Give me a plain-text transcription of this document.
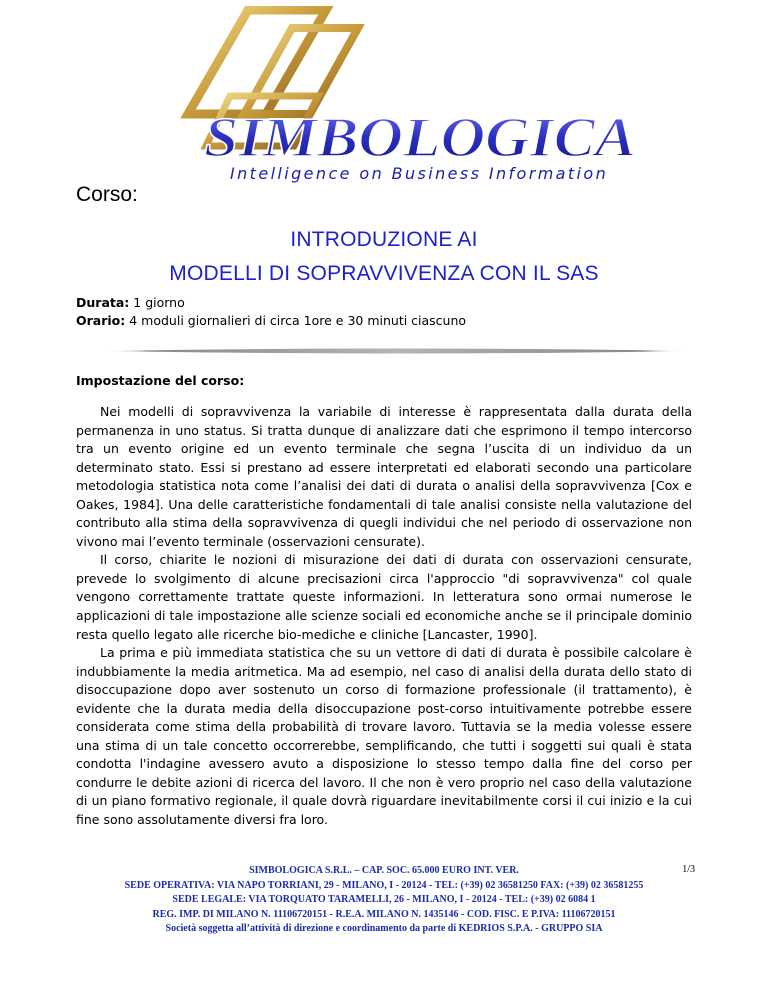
SIMBOLOGICA
Intelligence on Business Information
Corso:
INTRODUZIONE AI
MODELLI DI SOPRAVVIVENZA CON IL SAS
Durata: 1 giorno
Orario: 4 moduli giornalieri di circa 1ore e 30 minuti ciascuno
Impostazione del corso:

Nei modelli di sopravvivenza la variabile di interesse è rappresentata dalla durata della permanenza in uno status. Si tratta dunque di analizzare dati che esprimono il tempo intercorso tra un evento origine ed un evento terminale che segna l’uscita di un individuo da un determinato stato. Essi si prestano ad essere interpretati ed elaborati secondo una particolare metodologia statistica nota come l’analisi dei dati di durata o analisi della sopravvivenza [Cox e Oakes, 1984]. Una delle caratteristiche fondamentali di tale analisi consiste nella valutazione del contributo alla stima della sopravvivenza di quegli individui che nel periodo di osservazione non vivono mai l’evento terminale (osservazioni censurate).

Il corso, chiarite le nozioni di misurazione dei dati di durata con osservazioni censurate, prevede lo svolgimento di alcune precisazioni circa l'approccio "di sopravvivenza" col quale vengono correttamente trattate queste informazioni. In letteratura sono ormai numerose le applicazioni di tale impostazione alle scienze sociali ed economiche anche se il principale dominio resta quello legato alle ricerche bio-mediche e cliniche [Lancaster, 1990].

La prima e più immediata statistica che su un vettore di dati di durata è possibile calcolare è indubbiamente la media aritmetica. Ma ad esempio, nel caso di analisi della durata dello stato di disoccupazione dopo aver sostenuto un corso di formazione professionale (il trattamento), è evidente che la durata media della disoccupazione post-corso intuitivamente potrebbe essere considerata come stima della probabilità di trovare lavoro. Tuttavia se la media volesse essere una stima di un tale concetto occorrerebbe, semplificando, che tutti i soggetti sui quali è stata condotta l'indagine avessero avuto a disposizione lo stesso tempo dalla fine del corso per condurre le debite azioni di ricerca del lavoro. Il che non è vero proprio nel caso della valutazione di un piano formativo regionale, il quale dovrà riguardare inevitabilmente corsi il cui inizio e la cui fine sono assolutamente diversi fra loro.

SIMBOLOGICA S.R.L. – CAP. SOC. 65.000 EURO INT. VER.
SEDE OPERATIVA: VIA NAPO TORRIANI, 29 - MILANO, I - 20124 - TEL: (+39) 02 36581250 FAX: (+39) 02 36581255
SEDE LEGALE: VIA TORQUATO TARAMELLI, 26 - MILANO, I - 20124 - TEL: (+39) 02 6084 1
REG. IMP. DI MILANO N. 11106720151 - R.E.A. MILANO N. 1435146 - COD. FISC. E P.IVA: 11106720151
Società soggetta all’attività di direzione e coordinamento da parte di KEDRIOS S.P.A. - GRUPPO SIA
1/3
